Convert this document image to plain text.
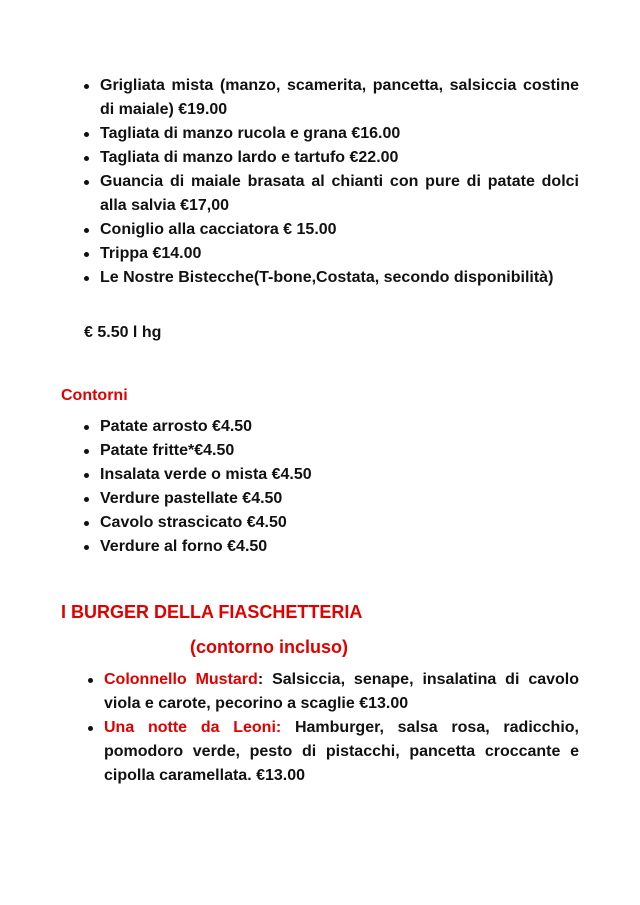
Grigliata mista (manzo, scamerita, pancetta, salsiccia costine di maiale) €19.00
Tagliata di manzo rucola e grana €16.00
Tagliata di manzo lardo e tartufo €22.00
Guancia di maiale brasata al chianti con pure di patate dolci alla salvia €17,00
Coniglio alla cacciatora € 15.00
Trippa €14.00
Le Nostre Bistecche(T-bone,Costata, secondo disponibilità)
€ 5.50 l hg
Contorni
Patate arrosto €4.50
Patate fritte*€4.50
Insalata verde o mista €4.50
Verdure pastellate €4.50
Cavolo strascicato €4.50
Verdure al forno €4.50
I BURGER DELLA FIASCHETTERIA
(contorno incluso)
Colonnello Mustard: Salsiccia, senape, insalatina di cavolo viola e carote, pecorino a scaglie €13.00
Una notte da Leoni: Hamburger, salsa rosa, radicchio, pomodoro verde, pesto di pistacchi, pancetta croccante e cipolla caramellata. €13.00
